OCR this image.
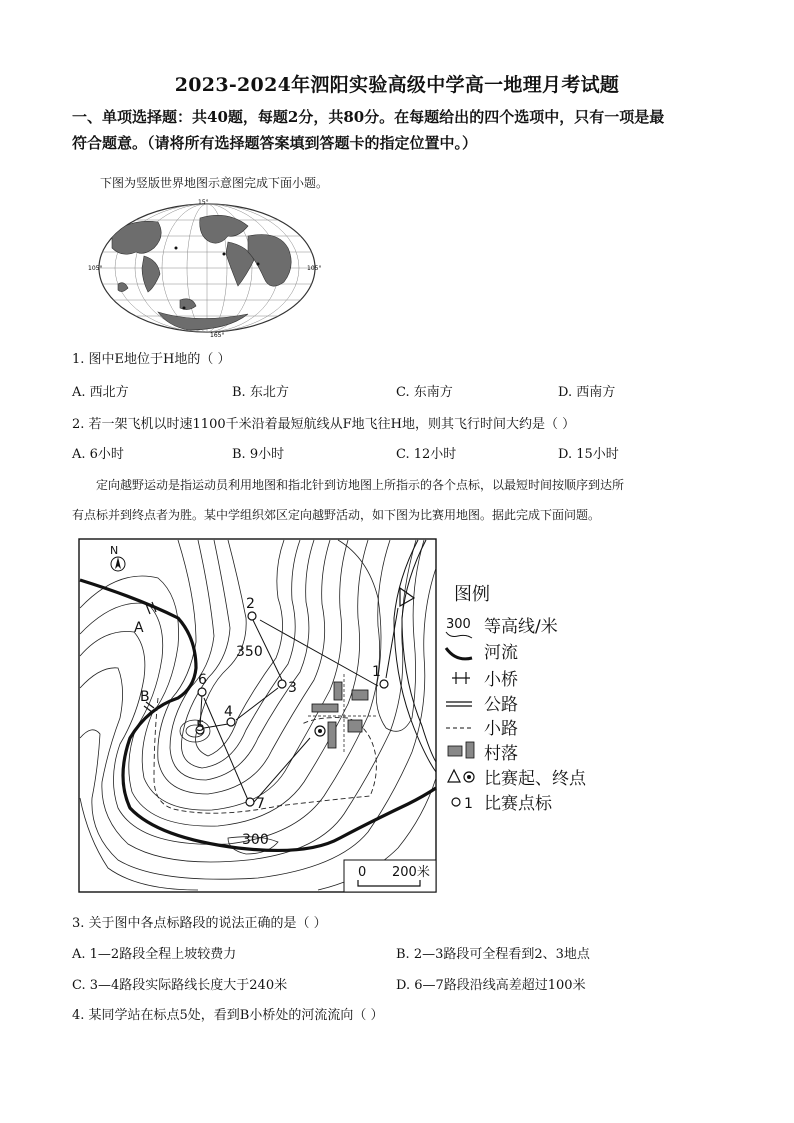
2023-2024年泗阳实验高级中学高一地理月考试题
一、单项选择题：共40题，每题2分，共80分。在每题给出的四个选项中，只有一项是最
符合题意。（请将所有选择题答案填到答题卡的指定位置中。）
下图为竖版世界地图示意图完成下面小题。
15°
105°	105°
165°
1. 图中E地位于H地的（ ）
A. 西北方	B. 东北方	C. 东南方	D. 西南方
2. 若一架飞机以时速1100千米沿着最短航线从F地飞往H地，则其飞行时间大约是（ ）
A. 6小时	B. 9小时	C. 12小时	D. 15小时
定向越野运动是指运动员利用地图和指北针到访地图上所指示的各个点标，以最短时间按顺序到达所
有点标并到终点者为胜。某中学组织郊区定向越野活动，如下图为比赛用地图。据此完成下面问题。
1
2
3
4
5
6
7
A
B
350
300
N
0 200米
图例
300 等高线/米
河流
小桥
公路
小路
村落
比赛起、终点
1 比赛点标
3. 关于图中各点标路段的说法正确的是（ ）
A. 1—2路段全程上坡较费力	B. 2—3路段可全程看到2、3地点
C. 3—4路段实际路线长度大于240米	D. 6—7路段沿线高差超过100米
4. 某同学站在标点5处，看到B小桥处的河流流向（ ）
